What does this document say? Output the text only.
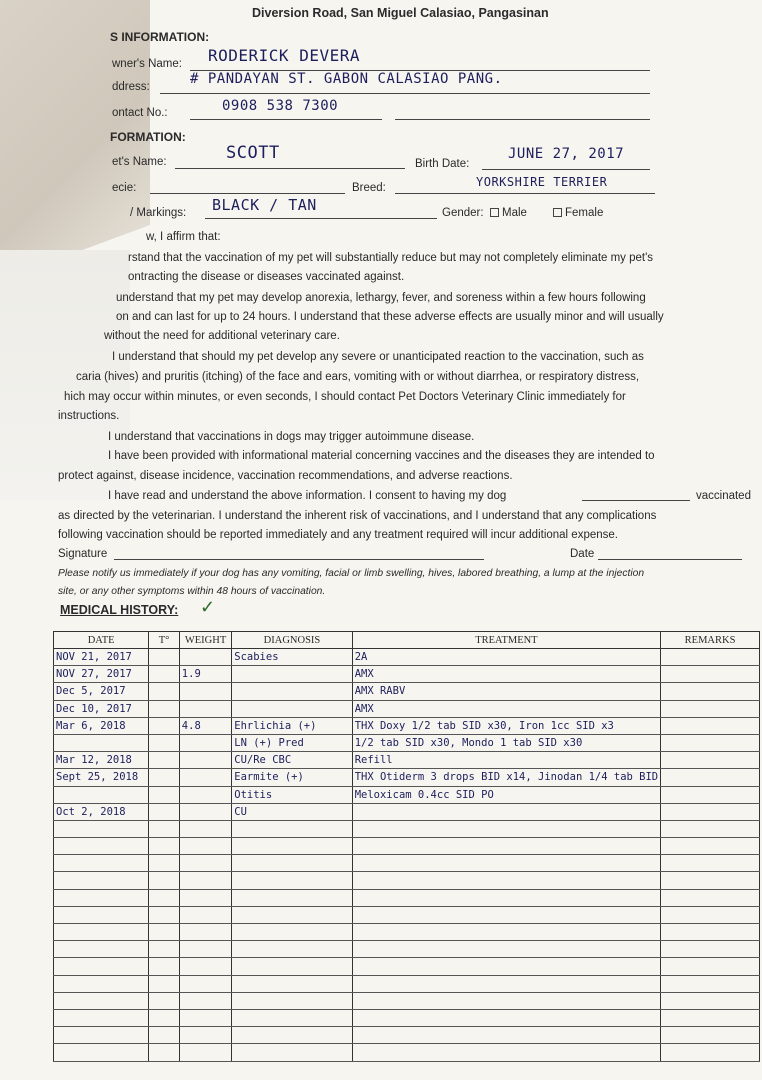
Diversion Road, San Miguel Calasiao, Pangasinan
S INFORMATION:
wner's Name: RODERICK DEVERA
ddress:	# PANDAYAN ST. GABON CALASIAO PANG.
ontact No.:	0908 538 7300
FORMATION:
et's Name:	SCOTT
Birth Date:
JUNE 27, 2017
ecie:	Breed:	YORKSHIRE TERRIER
/ Markings: BLACK / TAN	Gender:	Male	Female
w, I affirm that:
rstand that the vaccination of my pet will substantially reduce but may not completely eliminate my pet's
ontracting the disease or diseases vaccinated against.
understand that my pet may develop anorexia, lethargy, fever, and soreness within a few hours following
on and can last for up to 24 hours. I understand that these adverse effects are usually minor and will usually
without the need for additional veterinary care.
I understand that should my pet develop any severe or unanticipated reaction to the vaccination, such as
caria (hives) and pruritis (itching) of the face and ears, vomiting with or without diarrhea, or respiratory distress,
hich may occur within minutes, or even seconds, I should contact Pet Doctors Veterinary Clinic immediately for
instructions.
I understand that vaccinations in dogs may trigger autoimmune disease.
I have been provided with informational material concerning vaccines and the diseases they are intended to
protect against, disease incidence, vaccination recommendations, and adverse reactions.
I have read and understand the above information. I consent to having my dog	vaccinated
as directed by the veterinarian. I understand the inherent risk of vaccinations, and I understand that any complications
following vaccination should be reported immediately and any treatment required will incur additional expense.
Signature	Date
Please notify us immediately if your dog has any vomiting, facial or limb swelling, hives, labored breathing, a lump at the injection
site, or any other symptoms within 48 hours of vaccination.
MEDICAL HISTORY: ✓
DATE	T°	WEIGHT	DIAGNOSIS	TREATMENT	REMARKS
NOV 21, 2017			Scabies	2A	
NOV 27, 2017		1.9		AMX	
Dec 5, 2017				AMX RABV	
Dec 10, 2017				AMX	
Mar 6, 2018		4.8	Ehrlichia (+)	THX Doxy 1/2 tab SID x30, Iron 1cc SID x3	
			LN (+) Pred	1/2 tab SID x30, Mondo 1 tab SID x30	
Mar 12, 2018			CU/Re CBC	Refill	
Sept 25, 2018			Earmite (+)	THX Otiderm 3 drops BID x14, Jinodan 1/4 tab BID	
			Otitis	Meloxicam 0.4cc SID PO	
Oct 2, 2018			CU		
